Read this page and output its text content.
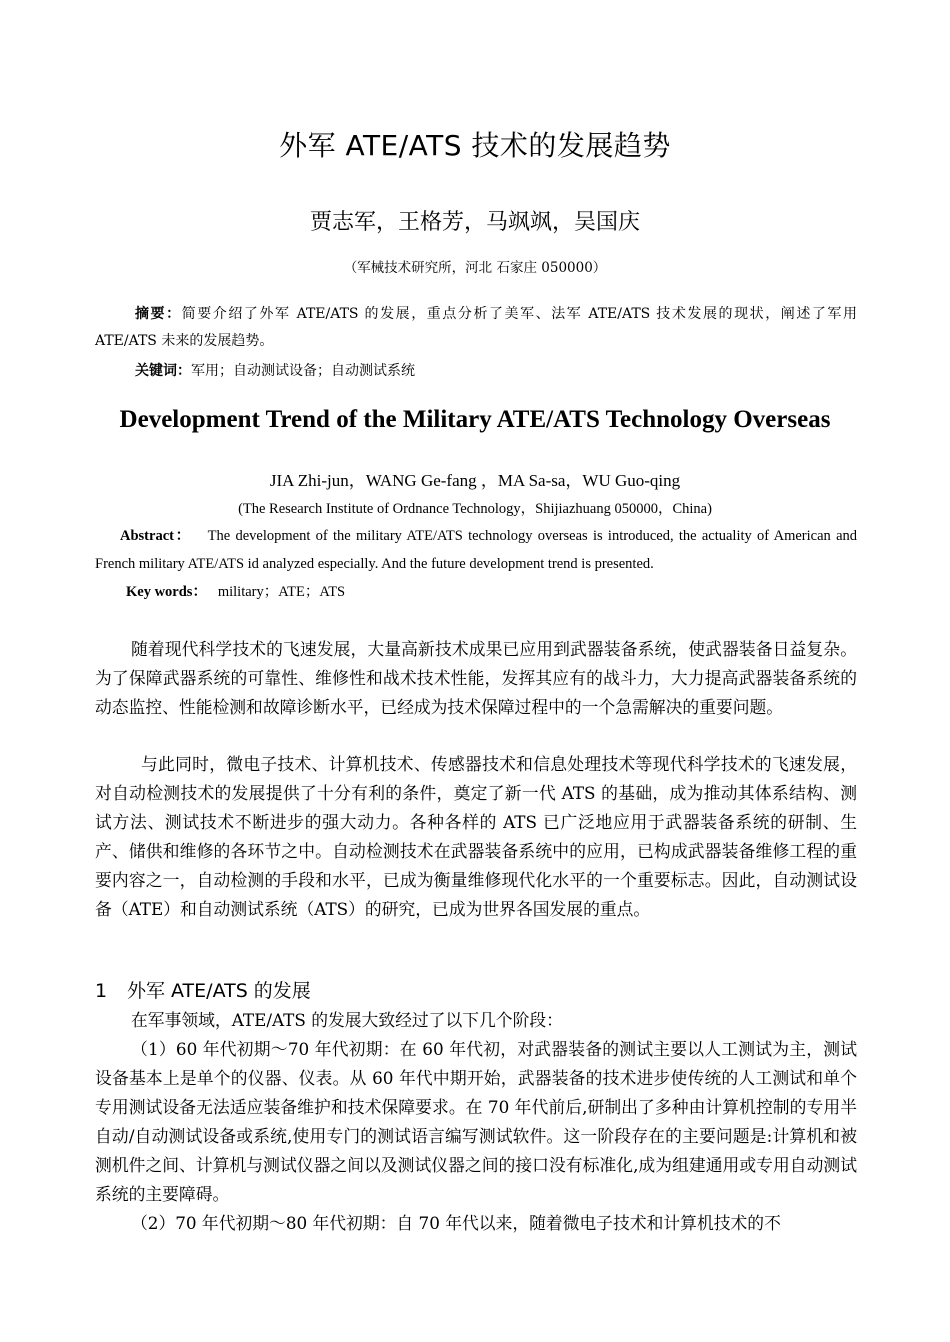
外军 ATE/ATS 技术的发展趋势
贾志军，王格芳，马飒飒，吴国庆
（军械技术研究所，河北 石家庄 050000）
摘要：简要介绍了外军 ATE/ATS 的发展，重点分析了美军、法军 ATE/ATS 技术发展的现状，阐述了军用 ATE/ATS 未来的发展趋势。
关键词：军用；自动测试设备；自动测试系统
Development Trend of the Military ATE/ATS Technology Overseas
JIA Zhi-jun，WANG Ge-fang ，MA Sa-sa，WU Guo-qing
(The Research Institute of Ordnance Technology，Shijiazhuang 050000，China)
Abstract： The development of the military ATE/ATS technology overseas is introduced, the actuality of American and French military ATE/ATS id analyzed especially. And the future development trend is presented.
Key words： military；ATE；ATS
随着现代科学技术的飞速发展，大量高新技术成果已应用到武器装备系统，使武器装备日益复杂。为了保障武器系统的可靠性、维修性和战术技术性能，发挥其应有的战斗力，大力提高武器装备系统的动态监控、性能检测和故障诊断水平，已经成为技术保障过程中的一个急需解决的重要问题。
与此同时，微电子技术、计算机技术、传感器技术和信息处理技术等现代科学技术的飞速发展，对自动检测技术的发展提供了十分有利的条件，奠定了新一代 ATS 的基础，成为推动其体系结构、测试方法、测试技术不断进步的强大动力。各种各样的 ATS 已广泛地应用于武器装备系统的研制、生产、储供和维修的各环节之中。自动检测技术在武器装备系统中的应用，已构成武器装备维修工程的重要内容之一，自动检测的手段和水平，已成为衡量维修现代化水平的一个重要标志。因此，自动测试设备（ATE）和自动测试系统（ATS）的研究，已成为世界各国发展的重点。
1 外军 ATE/ATS 的发展
在军事领域，ATE/ATS 的发展大致经过了以下几个阶段：
（1）60 年代初期～70 年代初期：在 60 年代初，对武器装备的测试主要以人工测试为主，测试设备基本上是单个的仪器、仪表。从 60 年代中期开始，武器装备的技术进步使传统的人工测试和单个专用测试设备无法适应装备维护和技术保障要求。在 70 年代前后,研制出了多种由计算机控制的专用半自动/自动测试设备或系统,使用专门的测试语言编写测试软件。这一阶段存在的主要问题是:计算机和被测机件之间、计算机与测试仪器之间以及测试仪器之间的接口没有标准化,成为组建通用或专用自动测试系统的主要障碍。
（2）70 年代初期～80 年代初期：自 70 年代以来，随着微电子技术和计算机技术的不
